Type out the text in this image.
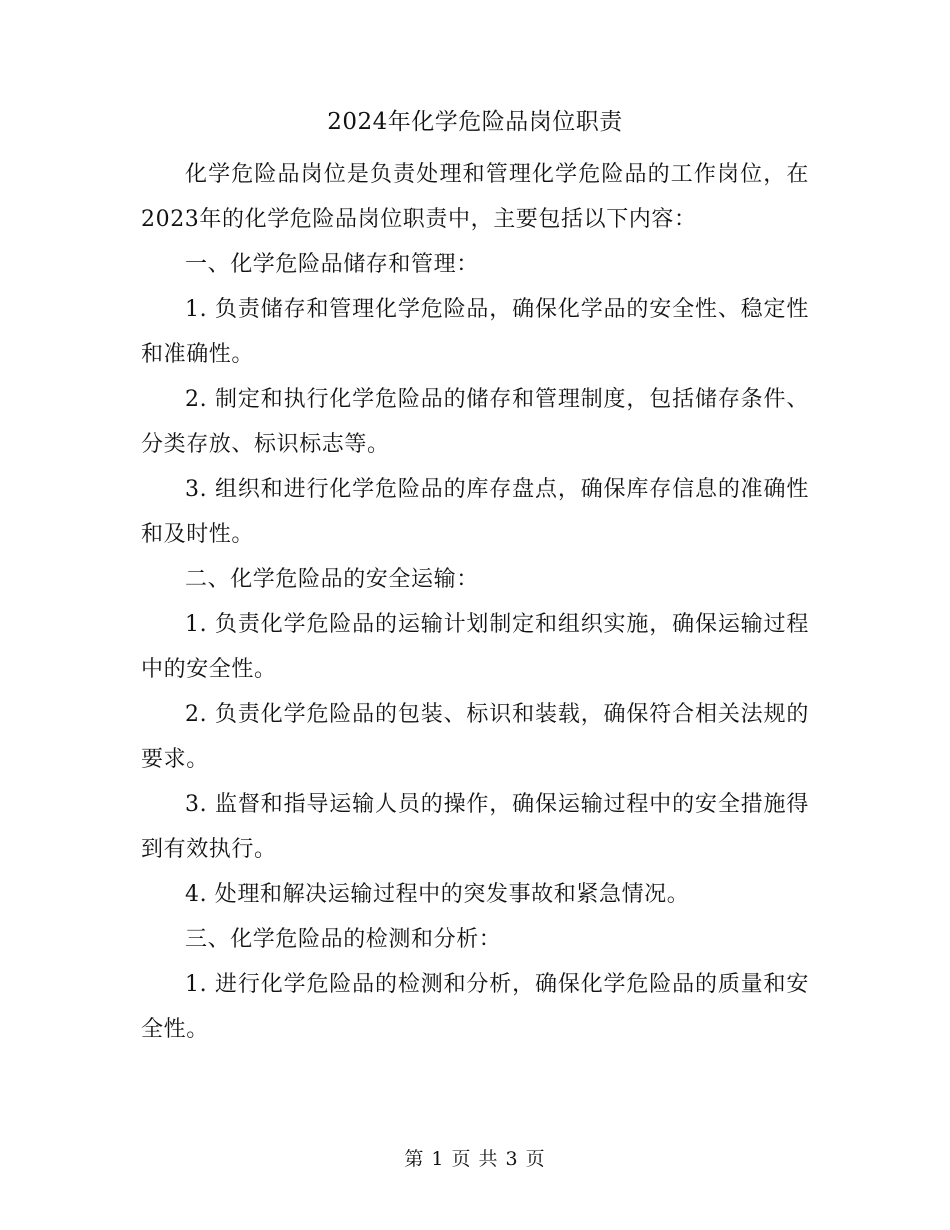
2024年化学危险品岗位职责

化学危险品岗位是负责处理和管理化学危险品的工作岗位，在2023年的化学危险品岗位职责中，主要包括以下内容：

一、化学危险品储存和管理：

1. 负责储存和管理化学危险品，确保化学品的安全性、稳定性和准确性。

2. 制定和执行化学危险品的储存和管理制度，包括储存条件、分类存放、标识标志等。

3. 组织和进行化学危险品的库存盘点，确保库存信息的准确性和及时性。

二、化学危险品的安全运输：

1. 负责化学危险品的运输计划制定和组织实施，确保运输过程中的安全性。

2. 负责化学危险品的包装、标识和装载，确保符合相关法规的要求。

3. 监督和指导运输人员的操作，确保运输过程中的安全措施得到有效执行。

4. 处理和解决运输过程中的突发事故和紧急情况。

三、化学危险品的检测和分析：

1. 进行化学危险品的检测和分析，确保化学危险品的质量和安全性。

第 1 页 共 3 页
